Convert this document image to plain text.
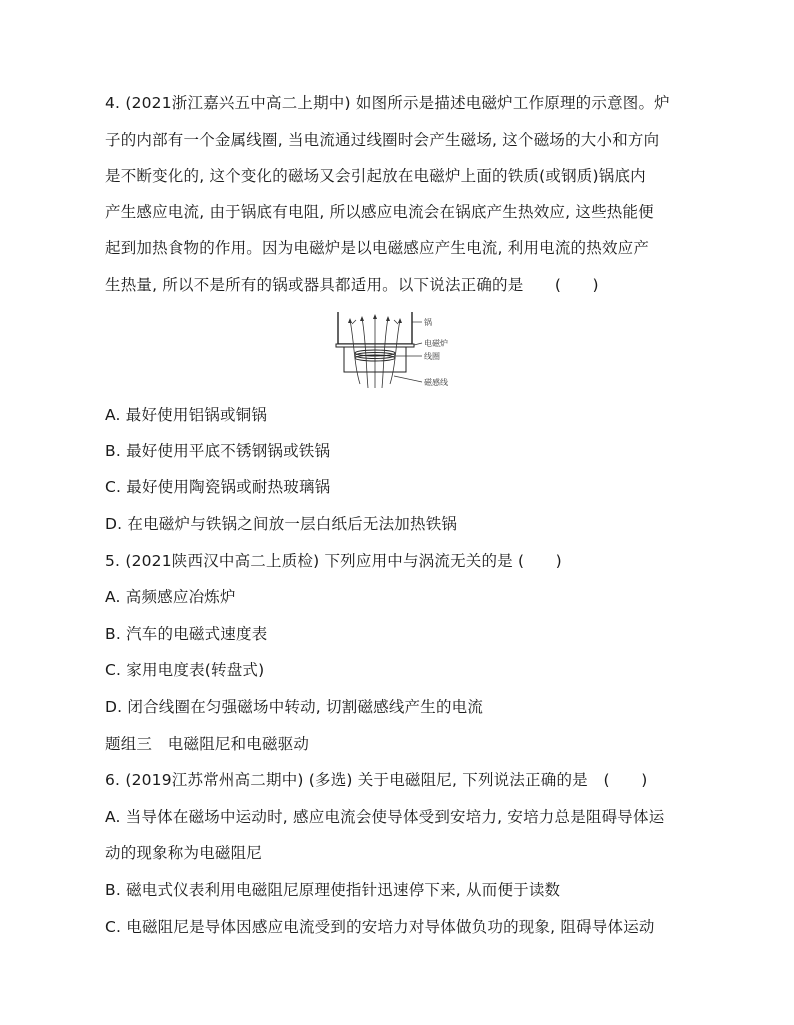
4. (2021浙江嘉兴五中高二上期中) 如图所示是描述电磁炉工作原理的示意图。炉
子的内部有一个金属线圈, 当电流通过线圈时会产生磁场, 这个磁场的大小和方向
是不断变化的, 这个变化的磁场又会引起放在电磁炉上面的铁质(或钢质)锅底内
产生感应电流, 由于锅底有电阻, 所以感应电流会在锅底产生热效应, 这些热能便
起到加热食物的作用。因为电磁炉是以电磁感应产生电流, 利用电流的热效应产
生热量, 所以不是所有的锅或器具都适用。以下说法正确的是　　(　　)
锅
电磁炉
线圈
磁感线
A. 最好使用铝锅或铜锅
B. 最好使用平底不锈钢锅或铁锅
C. 最好使用陶瓷锅或耐热玻璃锅
D. 在电磁炉与铁锅之间放一层白纸后无法加热铁锅
5. (2021陕西汉中高二上质检) 下列应用中与涡流无关的是 (　　)
A. 高频感应冶炼炉
B. 汽车的电磁式速度表
C. 家用电度表(转盘式)
D. 闭合线圈在匀强磁场中转动, 切割磁感线产生的电流
题组三　电磁阻尼和电磁驱动
6. (2019江苏常州高二期中) (多选) 关于电磁阻尼, 下列说法正确的是　(　　)
A. 当导体在磁场中运动时, 感应电流会使导体受到安培力, 安培力总是阻碍导体运
动的现象称为电磁阻尼
B. 磁电式仪表利用电磁阻尼原理使指针迅速停下来, 从而便于读数
C. 电磁阻尼是导体因感应电流受到的安培力对导体做负功的现象, 阻碍导体运动
